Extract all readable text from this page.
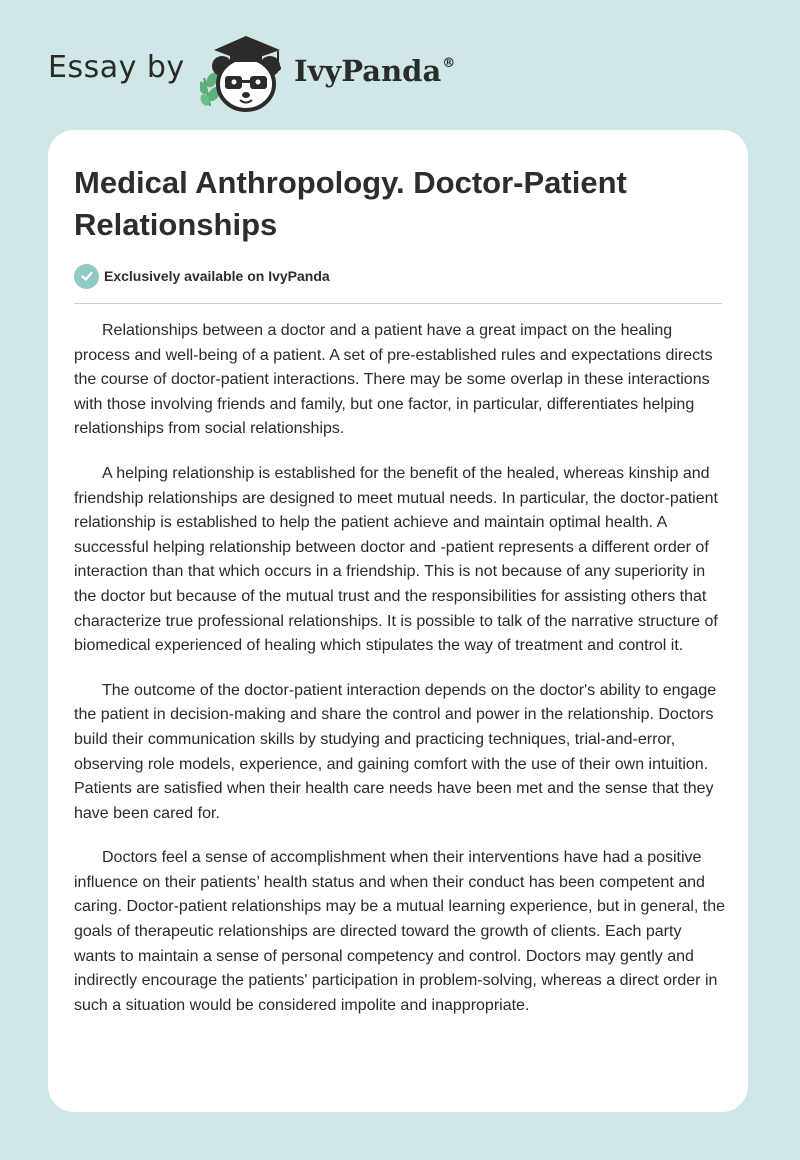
Essay by	IvyPanda®
Medical Anthropology. Doctor-Patient Relationships
Exclusively available on IvyPanda

Relationships between a doctor and a patient have a great impact on the healing process and well-being of a patient. A set of pre-established rules and expectations directs the course of doctor-patient interactions. There may be some overlap in these interactions with those involving friends and family, but one factor, in particular, differentiates helping relationships from social relationships.

A helping relationship is established for the benefit of the healed, whereas kinship and friendship relationships are designed to meet mutual needs. In particular, the doctor-patient relationship is established to help the patient achieve and maintain optimal health. A successful helping relationship between doctor and -patient represents a different order of interaction than that which occurs in a friendship. This is not because of any superiority in the doctor but because of the mutual trust and the responsibilities for assisting others that characterize true professional relationships. It is possible to talk of the narrative structure of biomedical experienced of healing which stipulates the way of treatment and control it.

The outcome of the doctor-patient interaction depends on the doctor's ability to engage the patient in decision-making and share the control and power in the relationship. Doctors build their communication skills by studying and practicing techniques, trial-and-error, observing role models, experience, and gaining comfort with the use of their own intuition. Patients are satisfied when their health care needs have been met and the sense that they have been cared for.

Doctors feel a sense of accomplishment when their interventions have had a positive influence on their patients’ health status and when their conduct has been competent and caring. Doctor-patient relationships may be a mutual learning experience, but in general, the goals of therapeutic relationships are directed toward the growth of clients. Each party wants to maintain a sense of personal competency and control. Doctors may gently and indirectly encourage the patients' participation in problem-solving, whereas a direct order in such a situation would be considered impolite and inappropriate.
